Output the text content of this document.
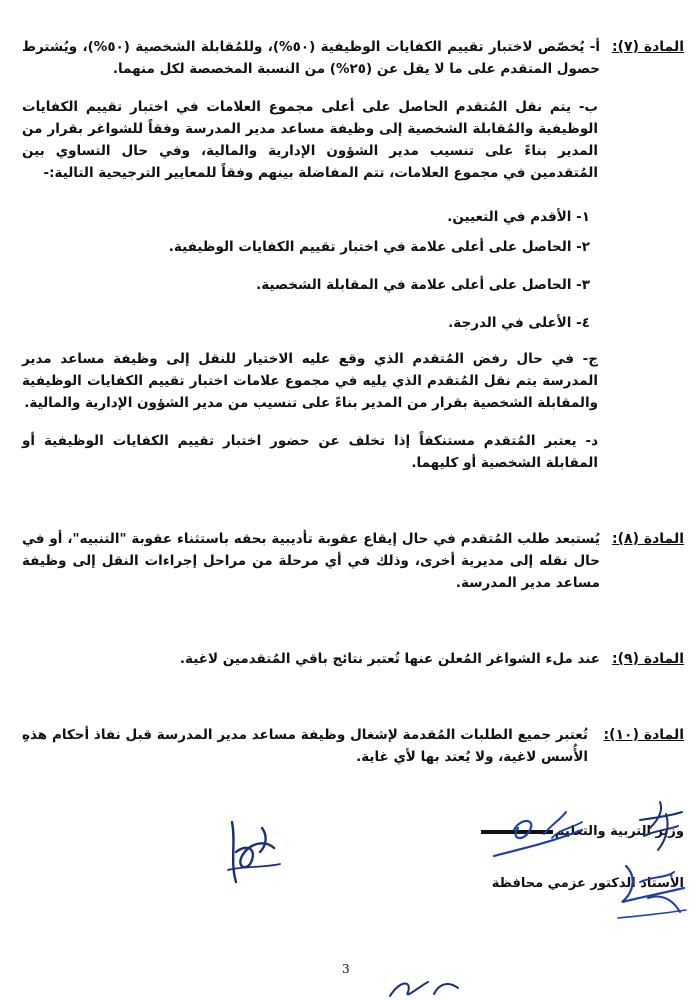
المادة (٧):
أ- يُخصّص لاختبار تقييم الكفايات الوظيفية (٥٠%)، وللمُقابلة الشخصية (٥٠%)، ويُشترط حصول المتقدم على ما لا يقل عن (٢٥%) من النسبة المخصصة لكل منهما.
ب- يتم نقل المُتقدم الحاصل على أعلى مجموع العلامات في اختبار تقييم الكفايات الوظيفية والمُقابلة الشخصية إلى وظيفة مساعد مدير المدرسة وفقاً للشواغر بقرار من المدير بناءً على تنسيب مدير الشؤون الإدارية والمالية، وفي حال التساوي بين المُتقدمين في مجموع العلامات، تتم المفاضلة بينهم وفقاً للمعايير الترجيحية التالية:-
١- الأقدم في التعيين.
٢- الحاصل على أعلى علامة في اختبار تقييم الكفايات الوظيفية.
٣- الحاصل على أعلى علامة في المقابلة الشخصية.
٤- الأعلى في الدرجة.
ج- في حال رفض المُتقدم الذي وقع عليه الاختيار للنقل إلى وظيفة مساعد مدير المدرسة يتم نقل المُتقدم الذي يليه في مجموع علامات اختبار تقييم الكفايات الوظيفية والمقابلة الشخصية بقرار من المدير بناءً على تنسيب من مدير الشؤون الإدارية والمالية.
د- يعتبر المُتقدم مستنكفاً إذا تخلف عن حضور اختبار تقييم الكفايات الوظيفية أو المقابلة الشخصية أو كليهما.
المادة (٨):
يُستبعد طلب المُتقدم في حال إيقاع عقوبة تأديبية بحقه باستثناء عقوبة "التنبيه"، أو في حال نقله إلى مديرية أخرى، وذلك في أي مرحلة من مراحل إجراءات النقل إلى وظيفة مساعد مدير المدرسة.
المادة (٩):
عند ملء الشواغر المُعلن عنها تُعتبر نتائج باقي المُتقدمين لاغية.
المادة (١٠):
تُعتبر جميع الطلبات المُقدمة لإشغال وظيفة مساعد مدير المدرسة قبل نفاذ أحكام هذهِ الأُسس لاغية، ولا يُعتد بها لأي غاية.
وزير التربية والتعليم
الأستاذ الدكتور عزمي محافظة
3
